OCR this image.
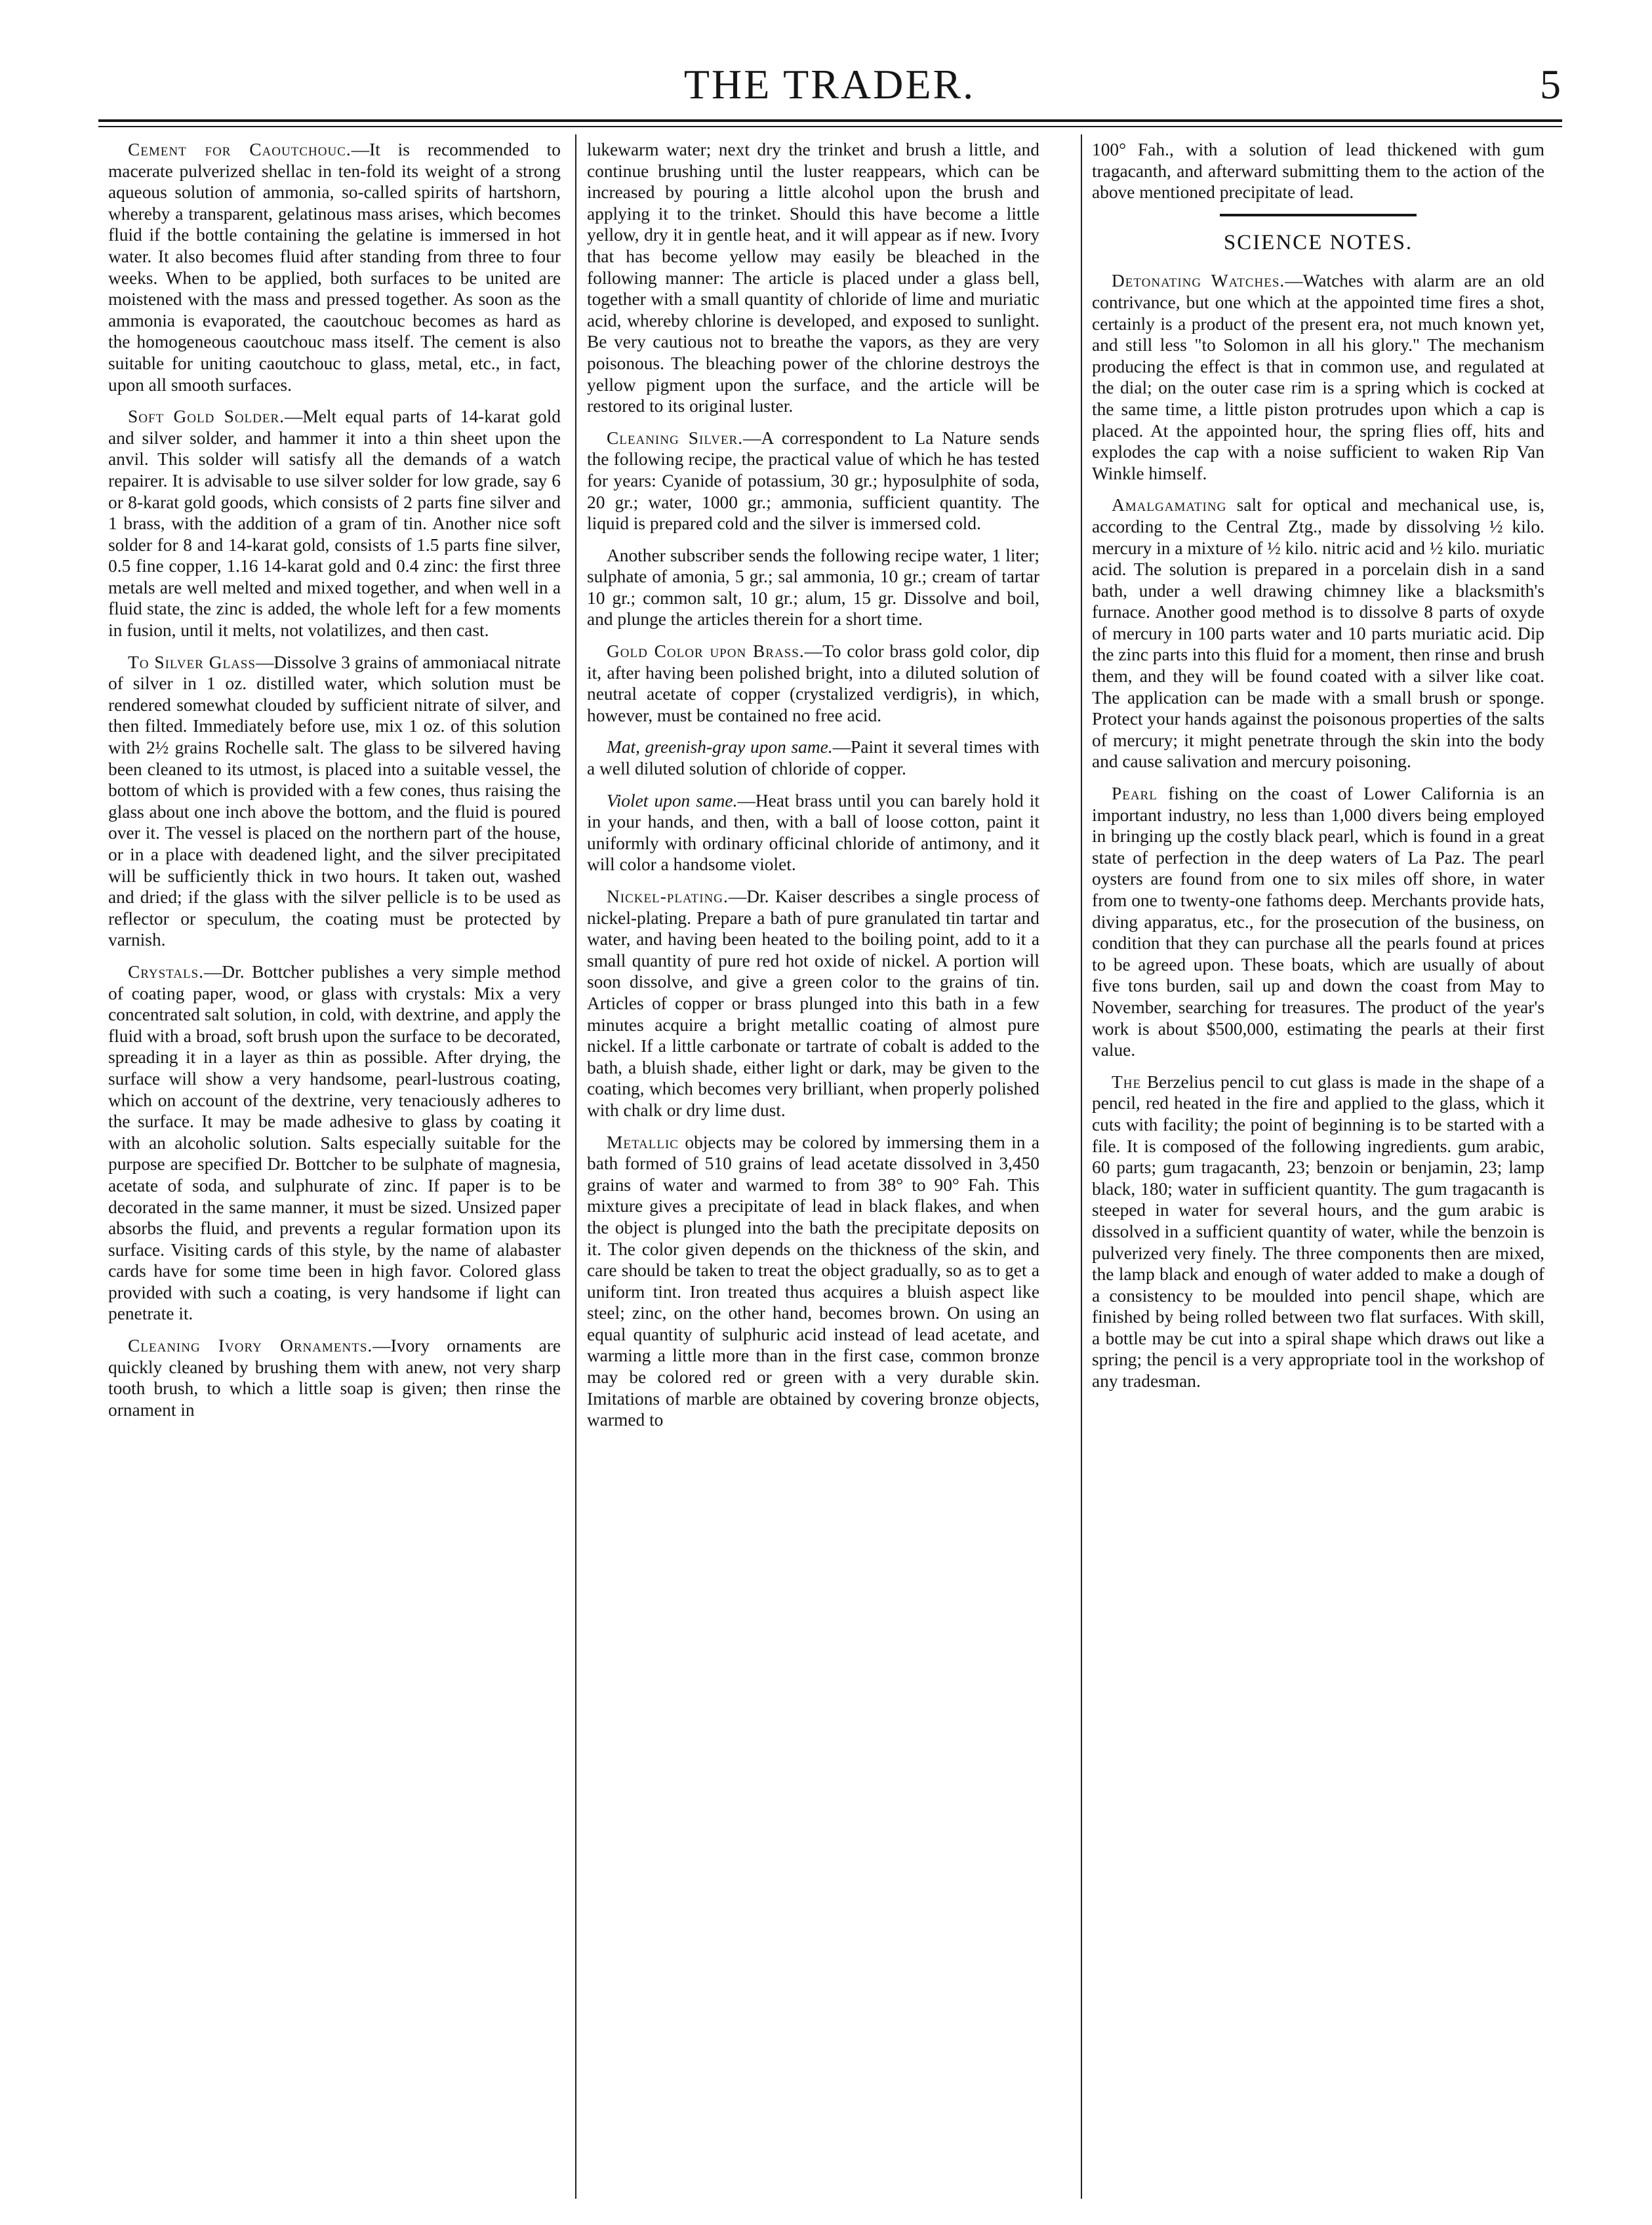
THE TRADER.	5

Cement for Caoutchouc.—It is recommended to macerate pulverized shellac in ten-fold its weight of a strong aqueous solution of ammonia, so-called spirits of hartshorn, whereby a transparent, gelatinous mass arises, which becomes fluid if the bottle containing the gelatine is immersed in hot water. It also becomes fluid after standing from three to four weeks. When to be applied, both surfaces to be united are moistened with the mass and pressed together. As soon as the ammonia is evaporated, the caoutchouc becomes as hard as the homogeneous caoutchouc mass itself. The cement is also suitable for uniting caoutchouc to glass, metal, etc., in fact, upon all smooth surfaces.

Soft Gold Solder.—Melt equal parts of 14-karat gold and silver solder, and hammer it into a thin sheet upon the anvil. This solder will satisfy all the demands of a watch repairer. It is advisable to use silver solder for low grade, say 6 or 8-karat gold goods, which consists of 2 parts fine silver and 1 brass, with the addition of a gram of tin. Another nice soft solder for 8 and 14-karat gold, consists of 1.5 parts fine silver, 0.5 fine copper, 1.16 14-karat gold and 0.4 zinc: the first three metals are well melted and mixed together, and when well in a fluid state, the zinc is added, the whole left for a few moments in fusion, until it melts, not volatilizes, and then cast.

To Silver Glass—Dissolve 3 grains of ammoniacal nitrate of silver in 1 oz. distilled water, which solution must be rendered somewhat clouded by sufficient nitrate of silver, and then filted. Immediately before use, mix 1 oz. of this solution with 2½ grains Rochelle salt. The glass to be silvered having been cleaned to its utmost, is placed into a suitable vessel, the bottom of which is provided with a few cones, thus raising the glass about one inch above the bottom, and the fluid is poured over it. The vessel is placed on the northern part of the house, or in a place with deadened light, and the silver precipitated will be sufficiently thick in two hours. It taken out, washed and dried; if the glass with the silver pellicle is to be used as reflector or speculum, the coating must be protected by varnish.

Crystals.—Dr. Bottcher publishes a very simple method of coating paper, wood, or glass with crystals: Mix a very concentrated salt solution, in cold, with dextrine, and apply the fluid with a broad, soft brush upon the surface to be decorated, spreading it in a layer as thin as possible. After drying, the surface will show a very handsome, pearl-lustrous coating, which on account of the dextrine, very tenaciously adheres to the surface. It may be made adhesive to glass by coating it with an alcoholic solution. Salts especially suitable for the purpose are specified Dr. Bottcher to be sulphate of magnesia, acetate of soda, and sulphurate of zinc. If paper is to be decorated in the same manner, it must be sized. Unsized paper absorbs the fluid, and prevents a regular formation upon its surface. Visiting cards of this style, by the name of alabaster cards have for some time been in high favor. Colored glass provided with such a coating, is very handsome if light can penetrate it.

Cleaning Ivory Ornaments.—Ivory ornaments are quickly cleaned by brushing them with anew, not very sharp tooth brush, to which a little soap is given; then rinse the ornament in

lukewarm water; next dry the trinket and brush a little, and continue brushing until the luster reappears, which can be increased by pouring a little alcohol upon the brush and applying it to the trinket. Should this have become a little yellow, dry it in gentle heat, and it will appear as if new. Ivory that has become yellow may easily be bleached in the following manner: The article is placed under a glass bell, together with a small quantity of chloride of lime and muriatic acid, whereby chlorine is developed, and exposed to sunlight. Be very cautious not to breathe the vapors, as they are very poisonous. The bleaching power of the chlorine destroys the yellow pigment upon the surface, and the article will be restored to its original luster.

Cleaning Silver.—A correspondent to La Nature sends the following recipe, the practical value of which he has tested for years: Cyanide of potassium, 30 gr.; hyposulphite of soda, 20 gr.; water, 1000 gr.; ammonia, sufficient quantity. The liquid is prepared cold and the silver is immersed cold.

Another subscriber sends the following recipe water, 1 liter; sulphate of amonia, 5 gr.; sal ammonia, 10 gr.; cream of tartar 10 gr.; common salt, 10 gr.; alum, 15 gr. Dissolve and boil, and plunge the articles therein for a short time.

Gold Color upon Brass.—To color brass gold color, dip it, after having been polished bright, into a diluted solution of neutral acetate of copper (crystalized verdigris), in which, however, must be contained no free acid.

Mat, greenish-gray upon same.—Paint it several times with a well diluted solution of chloride of copper.

Violet upon same.—Heat brass until you can barely hold it in your hands, and then, with a ball of loose cotton, paint it uniformly with ordinary officinal chloride of antimony, and it will color a handsome violet.

Nickel-plating.—Dr. Kaiser describes a single process of nickel-plating. Prepare a bath of pure granulated tin tartar and water, and having been heated to the boiling point, add to it a small quantity of pure red hot oxide of nickel. A portion will soon dissolve, and give a green color to the grains of tin. Articles of copper or brass plunged into this bath in a few minutes acquire a bright metallic coating of almost pure nickel. If a little carbonate or tartrate of cobalt is added to the bath, a bluish shade, either light or dark, may be given to the coating, which becomes very brilliant, when properly polished with chalk or dry lime dust.

Metallic objects may be colored by immersing them in a bath formed of 510 grains of lead acetate dissolved in 3,450 grains of water and warmed to from 38° to 90° Fah. This mixture gives a precipitate of lead in black flakes, and when the object is plunged into the bath the precipitate deposits on it. The color given depends on the thickness of the skin, and care should be taken to treat the object gradually, so as to get a uniform tint. Iron treated thus acquires a bluish aspect like steel; zinc, on the other hand, becomes brown. On using an equal quantity of sulphuric acid instead of lead acetate, and warming a little more than in the first case, common bronze may be colored red or green with a very durable skin. Imitations of marble are obtained by covering bronze objects, warmed to

100° Fah., with a solution of lead thickened with gum tragacanth, and afterward submitting them to the action of the above mentioned precipitate of lead.

SCIENCE NOTES.

Detonating Watches.—Watches with alarm are an old contrivance, but one which at the appointed time fires a shot, certainly is a product of the present era, not much known yet, and still less "to Solomon in all his glory." The mechanism producing the effect is that in common use, and regulated at the dial; on the outer case rim is a spring which is cocked at the same time, a little piston protrudes upon which a cap is placed. At the appointed hour, the spring flies off, hits and explodes the cap with a noise sufficient to waken Rip Van Winkle himself.

Amalgamating salt for optical and mechanical use, is, according to the Central Ztg., made by dissolving ½ kilo. mercury in a mixture of ½ kilo. nitric acid and ½ kilo. muriatic acid. The solution is prepared in a porcelain dish in a sand bath, under a well drawing chimney like a blacksmith's furnace. Another good method is to dissolve 8 parts of oxyde of mercury in 100 parts water and 10 parts muriatic acid. Dip the zinc parts into this fluid for a moment, then rinse and brush them, and they will be found coated with a silver like coat. The application can be made with a small brush or sponge. Protect your hands against the poisonous properties of the salts of mercury; it might penetrate through the skin into the body and cause salivation and mercury poisoning.

Pearl fishing on the coast of Lower California is an important industry, no less than 1,000 divers being employed in bringing up the costly black pearl, which is found in a great state of perfection in the deep waters of La Paz. The pearl oysters are found from one to six miles off shore, in water from one to twenty-one fathoms deep. Merchants provide hats, diving apparatus, etc., for the prosecution of the business, on condition that they can purchase all the pearls found at prices to be agreed upon. These boats, which are usually of about five tons burden, sail up and down the coast from May to November, searching for treasures. The product of the year's work is about $500,000, estimating the pearls at their first value.

The Berzelius pencil to cut glass is made in the shape of a pencil, red heated in the fire and applied to the glass, which it cuts with facility; the point of beginning is to be started with a file. It is composed of the following ingredients. gum arabic, 60 parts; gum tragacanth, 23; benzoin or benjamin, 23; lamp black, 180; water in sufficient quantity. The gum tragacanth is steeped in water for several hours, and the gum arabic is dissolved in a sufficient quantity of water, while the benzoin is pulverized very finely. The three components then are mixed, the lamp black and enough of water added to make a dough of a consistency to be moulded into pencil shape, which are finished by being rolled between two flat surfaces. With skill, a bottle may be cut into a spiral shape which draws out like a spring; the pencil is a very appropriate tool in the workshop of any tradesman.
